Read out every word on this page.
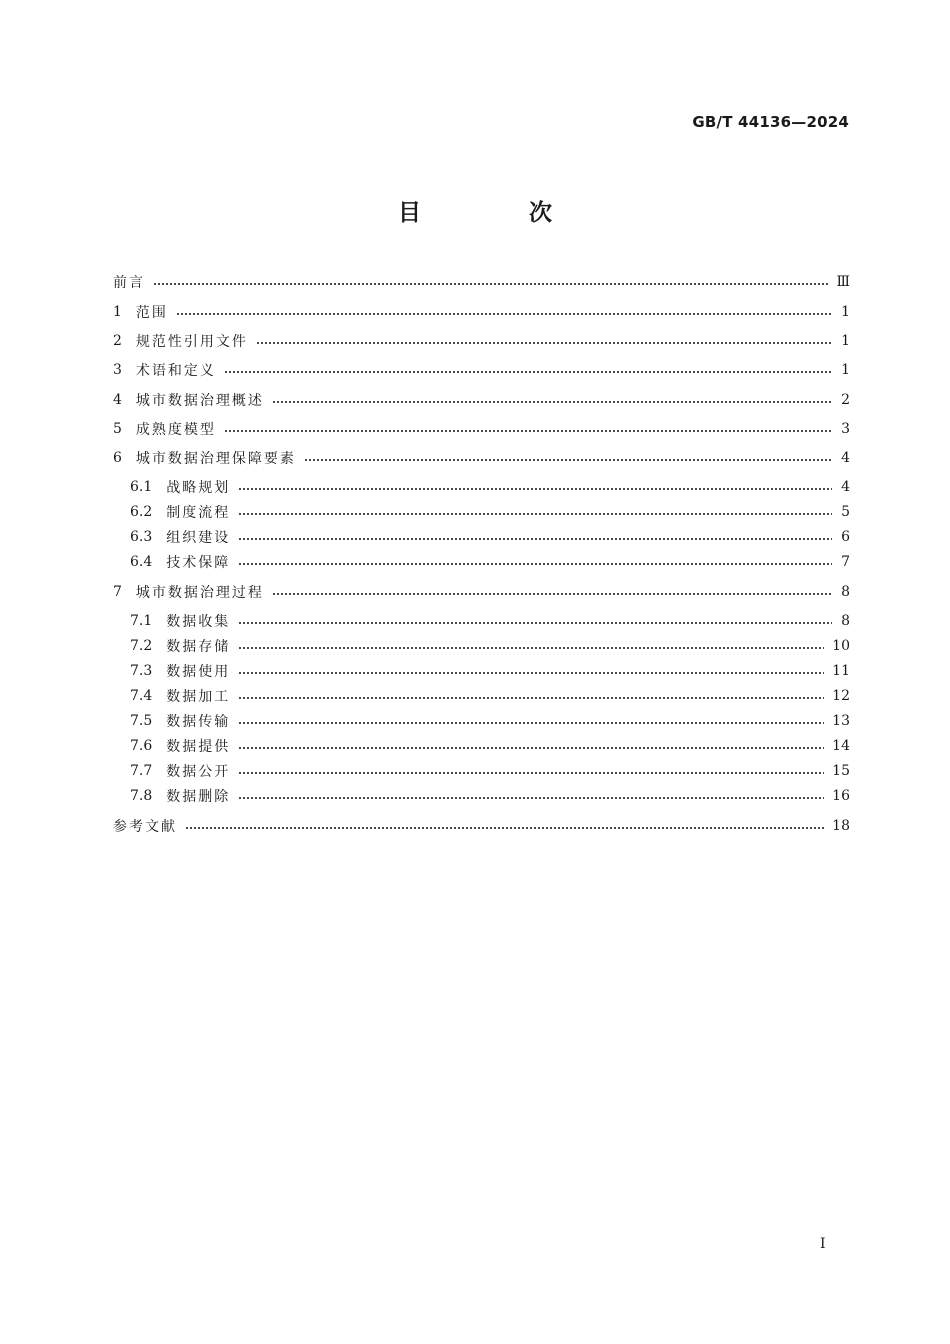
GB/T 44136—2024
目 次
前言	Ⅲ
1 范围	1
2 规范性引用文件	1
3 术语和定义	1
4 城市数据治理概述	2
5 成熟度模型	3
6 城市数据治理保障要素	4
6.1 战略规划	4
6.2 制度流程	5
6.3 组织建设	6
6.4 技术保障	7
7 城市数据治理过程	8
7.1 数据收集	8
7.2 数据存储	10
7.3 数据使用	11
7.4 数据加工	12
7.5 数据传输	13
7.6 数据提供	14
7.7 数据公开	15
7.8 数据删除	16
参考文献	18
I
